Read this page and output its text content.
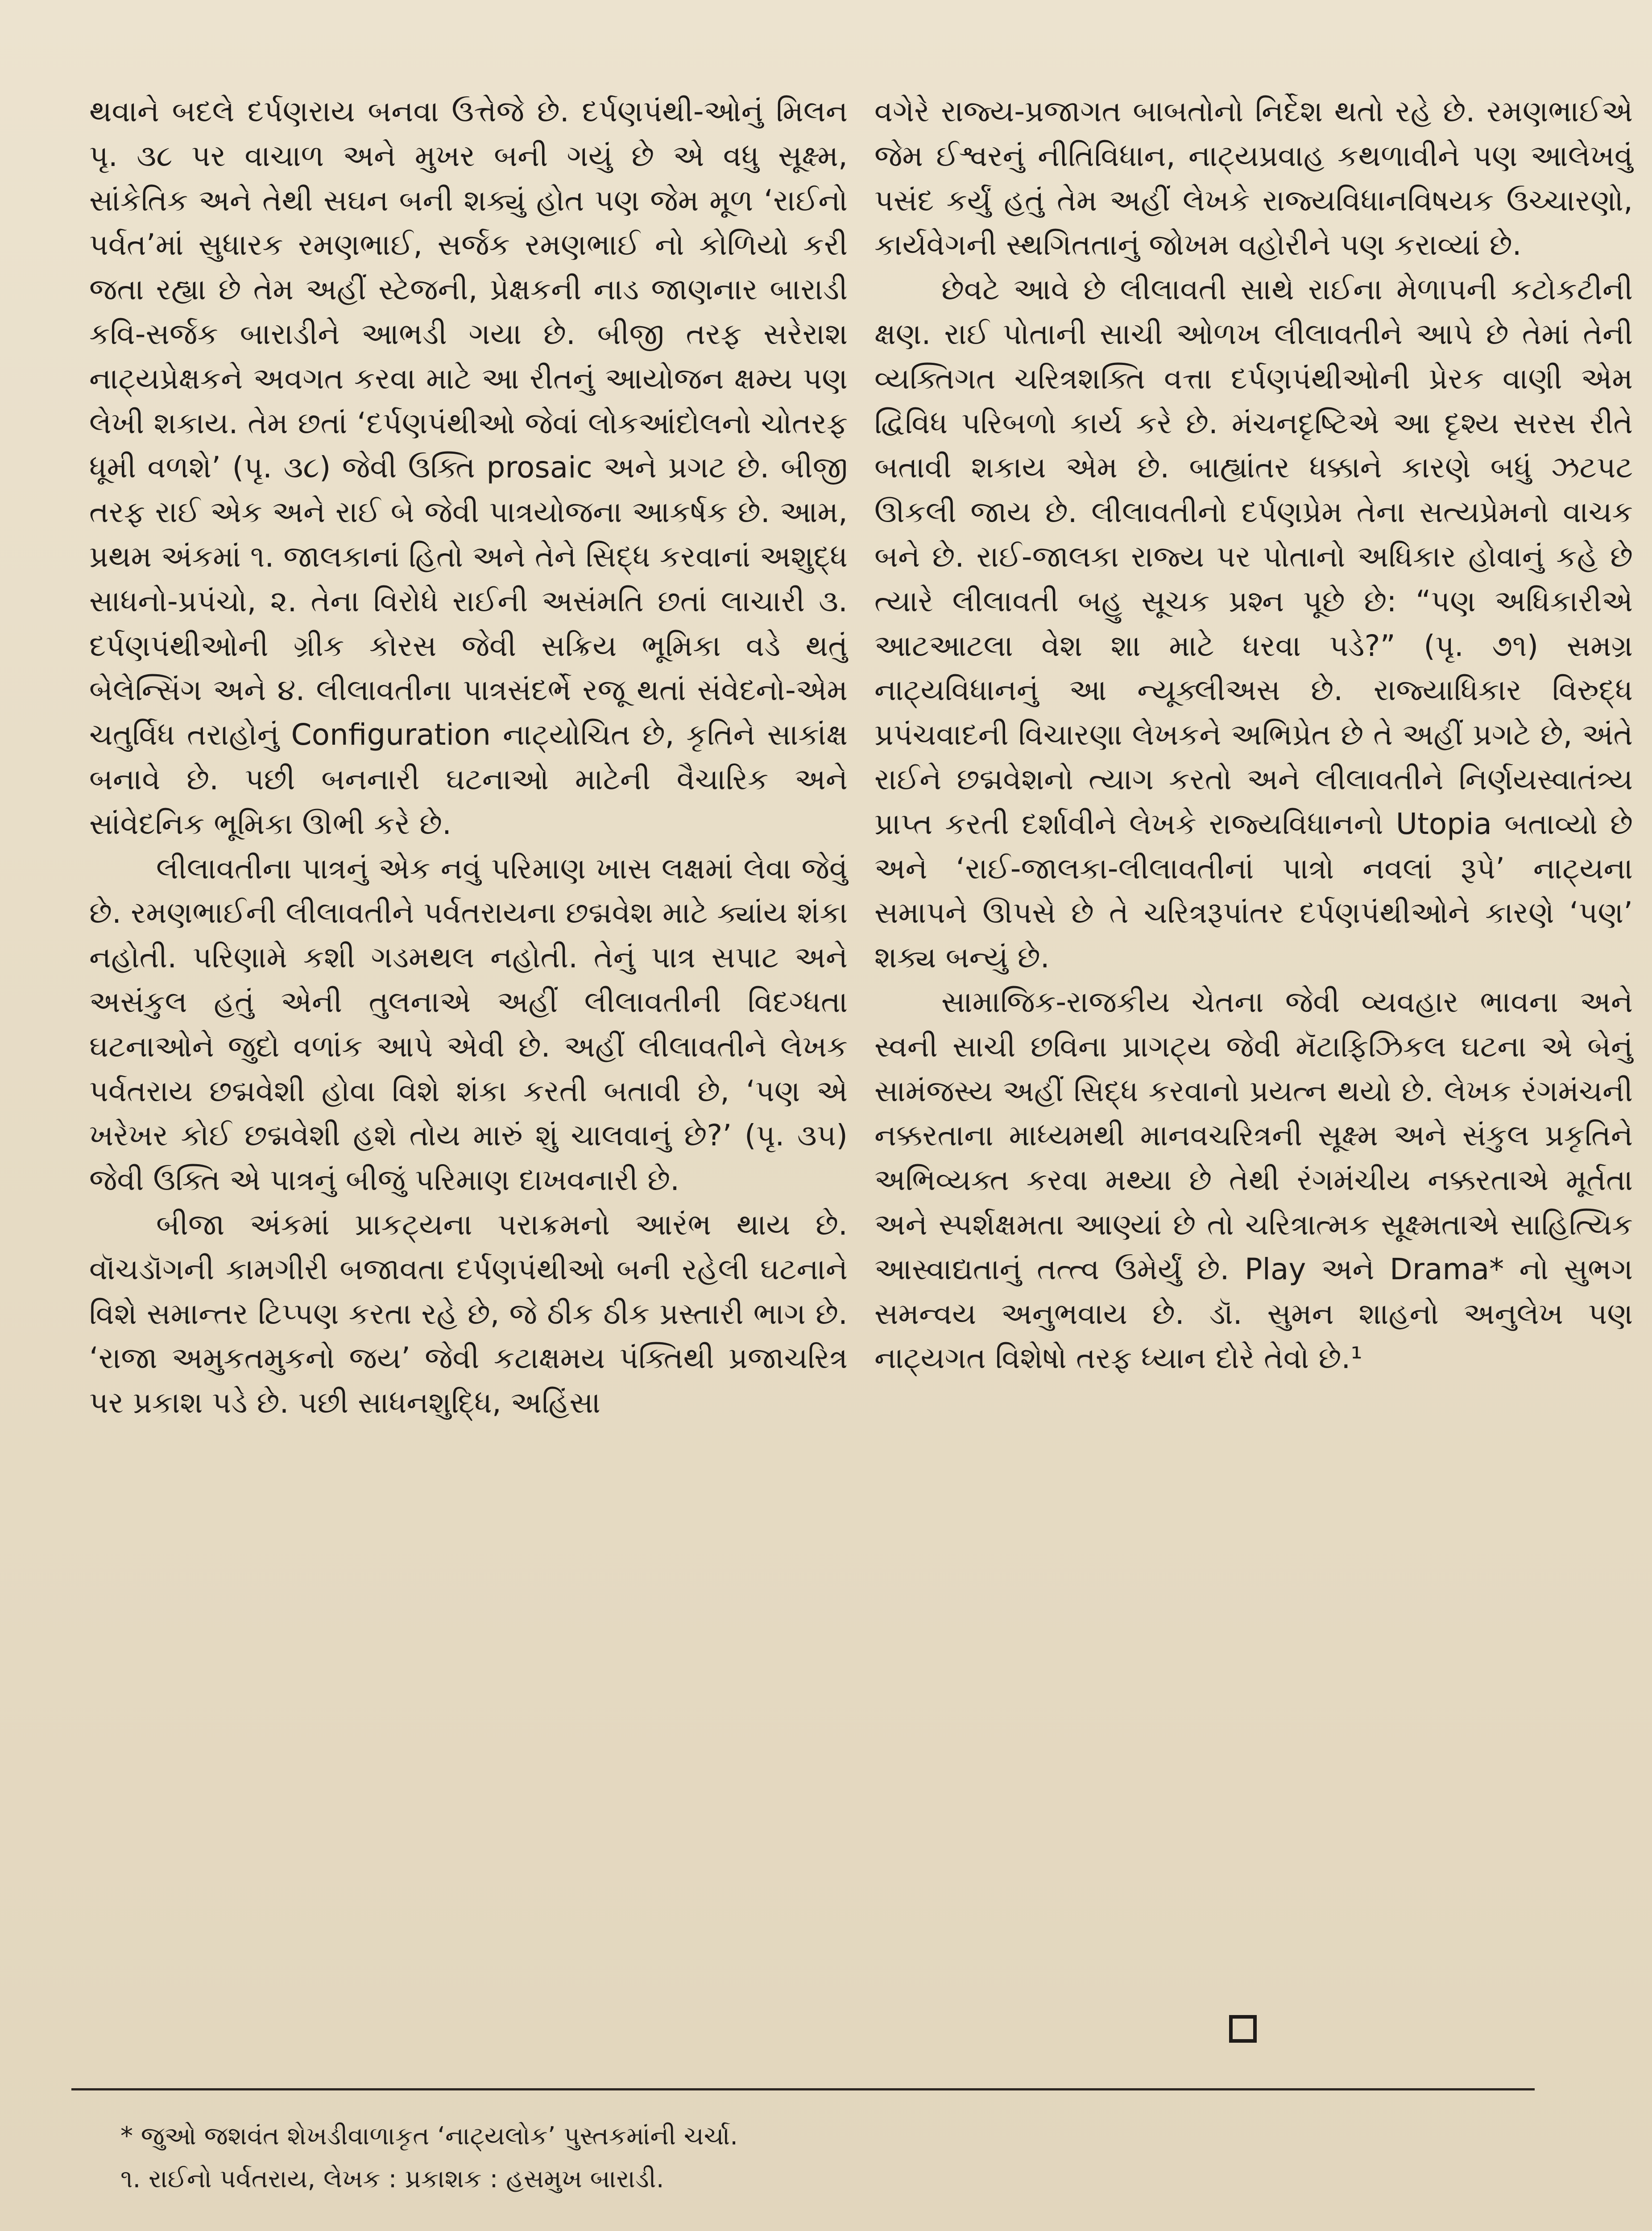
થવાને બદલે દર્પણરાય બનવા ઉત્તેજે છે. દર્પણપંથી-ઓનું મિલન પૃ. ૩૮ પર વાચાળ અને મુખર બની ગયું છે એ વધુ સૂક્ષ્મ, સાંકેતિક અને તેથી સઘન બની શક્યું હોત પણ જેમ મૂળ ‘રાઈનો પર્વત’માં સુધારક રમણભાઈ, સર્જક રમણભાઈ નો કોળિયો કરી જતા રહ્યા છે તેમ અહીં સ્ટેજની, પ્રેક્ષકની નાડ જાણનાર બારાડી કવિ-સર્જક બારાડીને આભડી ગયા છે. બીજી તરફ સરેરાશ નાટ્યપ્રેક્ષકને અવગત કરવા માટે આ રીતનું આયોજન ક્ષમ્ય પણ લેખી શકાય. તેમ છતાં ‘દર્પણપંથીઓ જેવાં લોકઆંદોલનો ચોતરફ ધૂમી વળશે’ (પૃ. ૩૮) જેવી ઉક્તિ prosaic અને પ્રગટ છે. બીજી તરફ રાઈ એક અને રાઈ બે જેવી પાત્રયોજના આકર્ષક છે. આમ, પ્રથમ અંકમાં ૧. જાલકાનાં હિતો અને તેને સિદ્ધ કરવાનાં અશુદ્ધ સાધનો-પ્રપંચો, ૨. તેના વિરોધે રાઈની અસંમતિ છતાં લાચારી ૩. દર્પણપંથીઓની ગ્રીક કોરસ જેવી સક્રિય ભૂમિકા વડે થતું બેલેન્સિંગ અને ૪. લીલાવતીના પાત્રસંદર્ભે રજૂ થતાં સંવેદનો-એમ ચતુર્વિધ તરાહોનું Configuration નાટ્યોચિત છે, કૃતિને સાકાંક્ષ બનાવે છે. પછી બનનારી ઘટનાઓ માટેની વૈચારિક અને સાંવેદનિક ભૂમિકા ઊભી કરે છે.

લીલાવતીના પાત્રનું એક નવું પરિમાણ ખાસ લક્ષમાં લેવા જેવું છે. રમણભાઈની લીલાવતીને પર્વતરાયના છદ્મવેશ માટે ક્યાંય શંકા નહોતી. પરિણામે કશી ગડમથલ નહોતી. તેનું પાત્ર સપાટ અને અસંકુલ હતું એની તુલનાએ અહીં લીલાવતીની વિદગ્ધતા ઘટનાઓને જુદો વળાંક આપે એવી છે. અહીં લીલાવતીને લેખક પર્વતરાય છદ્મવેશી હોવા વિશે શંકા કરતી બતાવી છે, ‘પણ એ ખરેખર કોઈ છદ્મવેશી હશે તોય મારું શું ચાલવાનું છે?’ (પૃ. ૩૫) જેવી ઉક્તિ એ પાત્રનું બીજું પરિમાણ દાખવનારી છે.

બીજા અંકમાં પ્રાકટ્યના પરાક્રમનો આરંભ થાય છે. વૉચડૉગની કામગીરી બજાવતા દર્પણપંથીઓ બની રહેલી ઘટનાને વિશે સમાન્તર ટિપ્પણ કરતા રહે છે, જે ઠીક ઠીક પ્રસ્તારી ભાગ છે. ‘રાજા અમુકતમુકનો જય’ જેવી કટાક્ષમય પંક્તિથી પ્રજાચરિત્ર પર પ્રકાશ પડે છે. પછી સાધનશુદ્ધિ, અહિંસા

વગેરે રાજ્ય-પ્રજાગત બાબતોનો નિર્દેશ થતો રહે છે. રમણભાઈએ જેમ ઈશ્વરનું નીતિવિધાન, નાટ્યપ્રવાહ કથળાવીને પણ આલેખવું પસંદ કર્યું હતું તેમ અહીં લેખકે રાજ્યવિધાનવિષયક ઉચ્ચારણો, કાર્યવેગની સ્થગિતતાનું જોખમ વહોરીને પણ કરાવ્યાં છે.

છેવટે આવે છે લીલાવતી સાથે રાઈના મેળાપની કટોકટીની ક્ષણ. રાઈ પોતાની સાચી ઓળખ લીલાવતીને આપે છે તેમાં તેની વ્યક્તિગત ચરિત્રશક્તિ વત્તા દર્પણપંથીઓની પ્રેરક વાણી એમ દ્વિવિધ પરિબળો કાર્ય કરે છે. મંચનદૃષ્ટિએ આ દૃશ્ય સરસ રીતે બતાવી શકાય એમ છે. બાહ્યાંતર ધક્કાને કારણે બધું ઝટપટ ઊકલી જાય છે. લીલાવતીનો દર્પણપ્રેમ તેના સત્યપ્રેમનો વાચક બને છે. રાઈ-જાલકા રાજ્ય પર પોતાનો અધિકાર હોવાનું કહે છે ત્યારે લીલાવતી બહુ સૂચક પ્રશ્ન પૂછે છે: “પણ અધિકારીએ આટઆટલા વેશ શા માટે ધરવા પડે?” (પૃ. ૭૧) સમગ્ર નાટ્યવિધાનનું આ ન્યૂક્લીઅસ છે. રાજ્યાધિકાર વિરુદ્ધ પ્રપંચવાદની વિચારણા લેખકને અભિપ્રેત છે તે અહીં પ્રગટે છે, અંતે રાઈને છદ્મવેશનો ત્યાગ કરતો અને લીલાવતીને નિર્ણયસ્વાતંત્ર્ય પ્રાપ્ત કરતી દર્શાવીને લેખકે રાજ્યવિધાનનો Utopia બતાવ્યો છે અને ‘રાઈ-જાલકા-લીલાવતીનાં પાત્રો નવલાં રૂપે’ નાટ્યના સમાપને ઊપસે છે તે ચરિત્રરૂપાંતર દર્પણપંથીઓને કારણે ‘પણ’ શક્ય બન્યું છે.

સામાજિક-રાજકીય ચેતના જેવી વ્યવહાર ભાવના અને સ્વની સાચી છવિના પ્રાગટ્ય જેવી મૅટાફિઝિકલ ઘટના એ બેનું સામંજસ્ય અહીં સિદ્ધ કરવાનો પ્રયત્ન થયો છે. લેખક રંગમંચની નક્કરતાના માધ્યમથી માનવચરિત્રની સૂક્ષ્મ અને સંકુલ પ્રકૃતિને અભિવ્યક્ત કરવા મથ્યા છે તેથી રંગમંચીય નક્કરતાએ મૂર્તતા અને સ્પર્શક્ષમતા આણ્યાં છે તો ચરિત્રાત્મક સૂક્ષ્મતાએ સાહિત્યિક આસ્વાદ્યતાનું તત્ત્વ ઉમેર્યું છે. Play અને Drama* નો સુભગ સમન્વય અનુભવાય છે. ડૉ. સુમન શાહનો અનુલેખ પણ નાટ્યગત વિશેષો તરફ ધ્યાન દોરે તેવો છે.¹

* જુઓ જશવંત શેખડીવાળાકૃત ‘નાટ્યલોક’ પુસ્તકમાંની ચર્ચા.
૧. રાઈનો પર્વતરાય, લેખક : પ્રકાશક : હસમુખ બારાડી.
